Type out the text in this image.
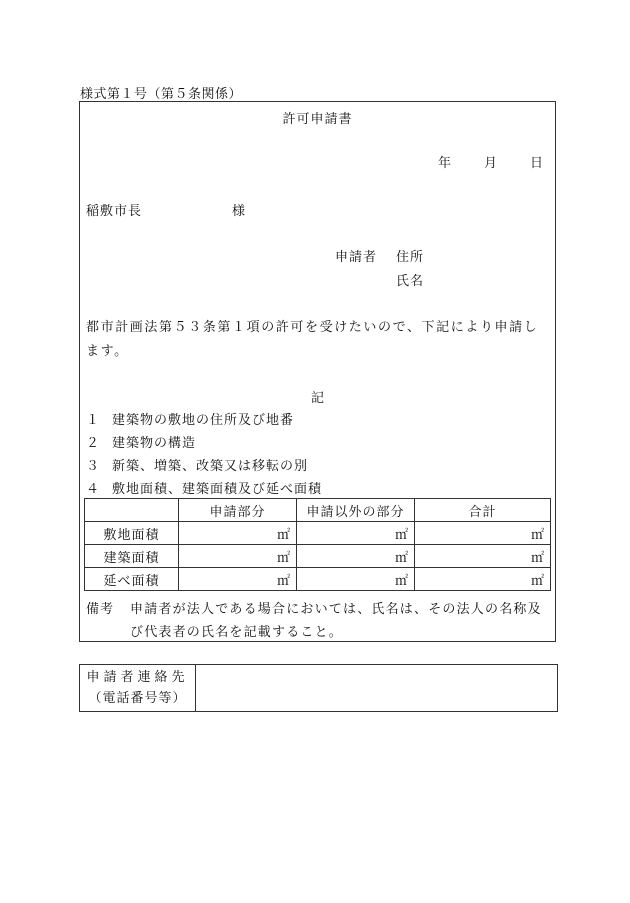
様式第１号（第５条関係）
許可申請書
年	月	日
稲敷市長	様
申請者 住所
氏名
都市計画法第５３条第１項の許可を受けたいので、下記により申請します。
記
１ 建築物の敷地の住所及び地番
２ 建築物の構造
３ 新築、増築、改築又は移転の別
４ 敷地面積、建築面積及び延べ面積
	申請部分	申請以外の部分	合計
敷地面積	㎡	㎡	㎡
建築面積	㎡	㎡	㎡
延べ面積	㎡	㎡	㎡
備考 申請者が法人である場合においては、氏名は、その法人の名称及び代表者の氏名を記載すること。
申請者連絡先
（電話番号等）
